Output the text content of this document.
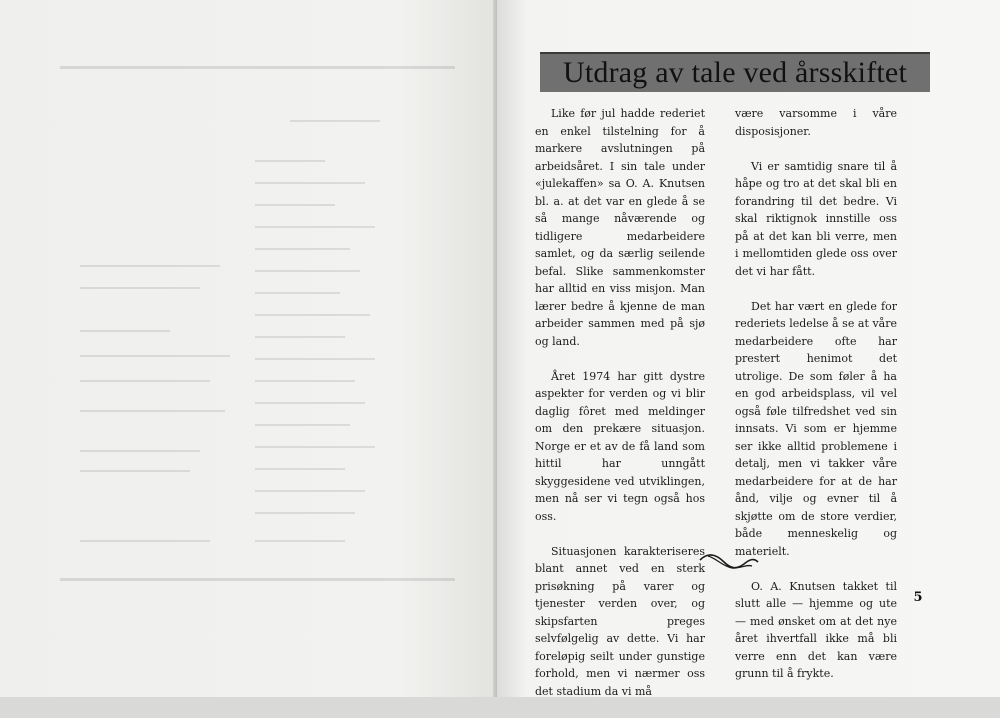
Utdrag av tale ved årsskiftet

Like før jul hadde rederiet en enkel tilstelning for å markere avslutningen på arbeidsåret. I sin tale under «julekaffen» sa O. A. Knutsen bl. a. at det var en glede å se så mange nåværende og tidligere medarbeidere samlet, og da særlig seilende befal. Slike sammenkomster har alltid en viss misjon. Man lærer bedre å kjenne de man arbeider sammen med på sjø og land.

Året 1974 har gitt dystre aspekter for verden og vi blir daglig fôret med meldinger om den prekære situasjon. Norge er et av de få land som hittil har unngått skyggesidene ved utviklingen, men nå ser vi tegn også hos oss.

Situasjonen karakteriseres blant annet ved en sterk prisøkning på varer og tjenester verden over, og skipsfarten preges selvfølgelig av dette. Vi har foreløpig seilt under gunstige forhold, men vi nærmer oss det stadium da vi må

være varsomme i våre disposisjoner.

Vi er samtidig snare til å håpe og tro at det skal bli en forandring til det bedre. Vi skal riktignok innstille oss på at det kan bli verre, men i mellomtiden glede oss over det vi har fått.

Det har vært en glede for rederiets ledelse å se at våre medarbeidere ofte har prestert henimot det utrolige. De som føler å ha en god arbeidsplass, vil vel også føle tilfredshet ved sin innsats. Vi som er hjemme ser ikke alltid problemene i detalj, men vi takker våre medarbeidere for at de har ånd, vilje og evner til å skjøtte om de store verdier, både menneskelig og materielt.

O. A. Knutsen takket til slutt alle — hjemme og ute — med ønsket om at det nye året ihvertfall ikke må bli verre enn det kan være grunn til å frykte.

5
